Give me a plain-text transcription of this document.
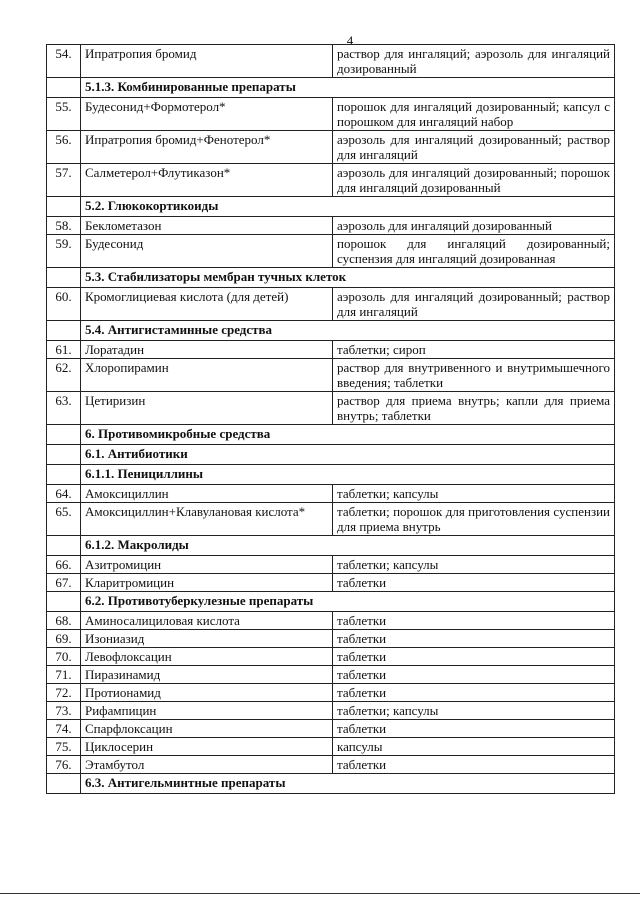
4
54.	Ипратропия бромид	раствор для ингаляций; аэрозоль для ингаляций дозированный
	5.1.3. Комбинированные препараты	
55.	Будесонид+Формотерол*	порошок для ингаляций дозированный; капсул с порошком для ингаляций набор
56.	Ипратропия бромид+Фенотерол*	аэрозоль для ингаляций дозированный; раствор для ингаляций
57.	Салметерол+Флутиказон*	аэрозоль для ингаляций дозированный; порошок для ингаляций дозированный
	5.2. Глюкокортикоиды	
58.	Беклометазон	аэрозоль для ингаляций дозированный
59.	Будесонид	порошок для ингаляций дозированный; суспензия для ингаляций дозированная
	5.3. Стабилизаторы мембран тучных клеток	
60.	Кромоглициевая кислота (для детей)	аэрозоль для ингаляций дозированный; раствор для ингаляций
	5.4. Антигистаминные средства	
61.	Лоратадин	таблетки; сироп
62.	Хлоропирамин	раствор для внутривенного и внутримышечного введения; таблетки
63.	Цетиризин	раствор для приема внутрь; капли для приема внутрь; таблетки
	6. Противомикробные средства	
	6.1. Антибиотики	
	6.1.1. Пенициллины	
64.	Амоксициллин	таблетки; капсулы
65.	Амоксициллин+Клавулановая кислота*	таблетки; порошок для приготовления суспензии для приема внутрь
	6.1.2. Макролиды	
66.	Азитромицин	таблетки; капсулы
67.	Кларитромицин	таблетки
	6.2. Противотуберкулезные препараты	
68.	Аминосалициловая кислота	таблетки
69.	Изониазид	таблетки
70.	Левофлоксацин	таблетки
71.	Пиразинамид	таблетки
72.	Протионамид	таблетки
73.	Рифампицин	таблетки; капсулы
74.	Спарфлоксацин	таблетки
75.	Циклосерин	капсулы
76.	Этамбутол	таблетки
	6.3. Антигельминтные препараты	
